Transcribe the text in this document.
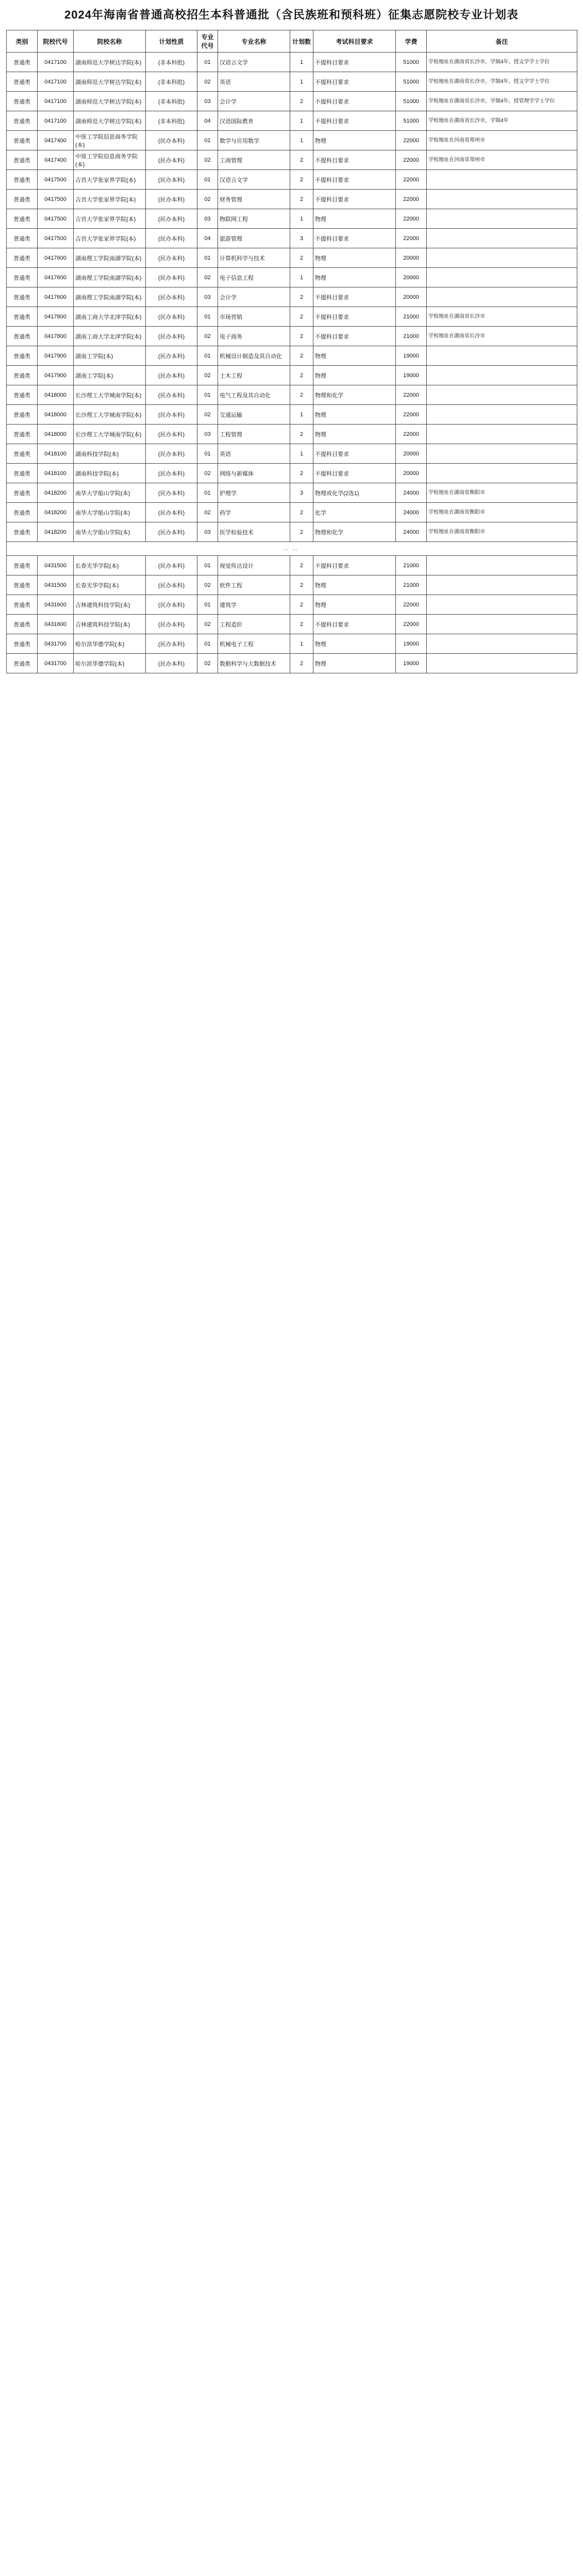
2024年海南省普通高校招生本科普通批（含民族班和预科班）征集志愿院校专业计划表
类别	院校代号	院校名称	计划性质	专业代号	专业名称	计划数	考试科目要求	学费	备注
普通类	0417100	湖南师范大学树达学院(本)	(非本科批)	01	汉语言文学	1	不提科目要求	51000	学校地址在湖南省长沙市，学制4年，授文学学士学位
普通类	0417100	湖南师范大学树达学院(本)	(非本科批)	02	英语	1	不提科目要求	51000	学校地址在湖南省长沙市，学制4年，授文学学士学位
普通类	0417100	湖南师范大学树达学院(本)	(非本科批)	03	会计学	2	不提科目要求	51000	学校地址在湖南省长沙市，学制4年，授管理学学士学位
普通类	0417100	湖南师范大学树达学院(本)	(非本科批)	04	汉语国际教育	1	不提科目要求	51000	学校地址在湖南省长沙市，学制4年
普通类	0417400	中原工学院信息商务学院(本)	(民办本科)	01	数学与应用数学	1	物理	22000	学校地址在河南省郑州市
普通类	0417400	中原工学院信息商务学院(本)	(民办本科)	02	工商管理	2	不提科目要求	22000	学校地址在河南省郑州市
普通类	0417500	吉首大学张家界学院(本)	(民办本科)	01	汉语言文学	2	不提科目要求	22000	
普通类	0417500	吉首大学张家界学院(本)	(民办本科)	02	财务管理	2	不提科目要求	22000	
普通类	0417500	吉首大学张家界学院(本)	(民办本科)	03	物联网工程	1	物理	22000	
普通类	0417500	吉首大学张家界学院(本)	(民办本科)	04	旅游管理	3	不提科目要求	22000	
普通类	0417600	湖南理工学院南湖学院(本)	(民办本科)	01	计算机科学与技术	2	物理	20000	
普通类	0417600	湖南理工学院南湖学院(本)	(民办本科)	02	电子信息工程	1	物理	20000	
普通类	0417600	湖南理工学院南湖学院(本)	(民办本科)	03	会计学	2	不提科目要求	20000	
普通类	0417800	湖南工商大学北津学院(本)	(民办本科)	01	市场营销	2	不提科目要求	21000	学校地址在湖南省长沙市
普通类	0417800	湖南工商大学北津学院(本)	(民办本科)	02	电子商务	2	不提科目要求	21000	学校地址在湖南省长沙市
普通类	0417900	湖南工学院(本)	(民办本科)	01	机械设计制造及其自动化	2	物理	19000	
普通类	0417900	湖南工学院(本)	(民办本科)	02	土木工程	2	物理	19000	
普通类	0418000	长沙理工大学城南学院(本)	(民办本科)	01	电气工程及其自动化	2	物理和化学	22000	
普通类	0418000	长沙理工大学城南学院(本)	(民办本科)	02	交通运输	1	物理	22000	
普通类	0418000	长沙理工大学城南学院(本)	(民办本科)	03	工程管理	2	物理	22000	
普通类	0418100	湖南科技学院(本)	(民办本科)	01	英语	1	不提科目要求	20000	
普通类	0418100	湖南科技学院(本)	(民办本科)	02	网络与新媒体	2	不提科目要求	20000	
普通类	0418200	南华大学船山学院(本)	(民办本科)	01	护理学	3	物理或化学(2选1)	24000	学校地址在湖南省衡阳市
普通类	0418200	南华大学船山学院(本)	(民办本科)	02	药学	2	化学	24000	学校地址在湖南省衡阳市
普通类	0418200	南华大学船山学院(本)	(民办本科)	03	医学检验技术	2	物理和化学	24000	学校地址在湖南省衡阳市
……									
普通类	0431500	长春光华学院(本)	(民办本科)	01	视觉传达设计	2	不提科目要求	21000	
普通类	0431500	长春光华学院(本)	(民办本科)	02	软件工程	2	物理	21000	
普通类	0431600	吉林建筑科技学院(本)	(民办本科)	01	建筑学	2	物理	22000	
普通类	0431600	吉林建筑科技学院(本)	(民办本科)	02	工程造价	2	不提科目要求	22000	
普通类	0431700	哈尔滨华德学院(本)	(民办本科)	01	机械电子工程	1	物理	19000	
普通类	0431700	哈尔滨华德学院(本)	(民办本科)	02	数据科学与大数据技术	2	物理	19000	
